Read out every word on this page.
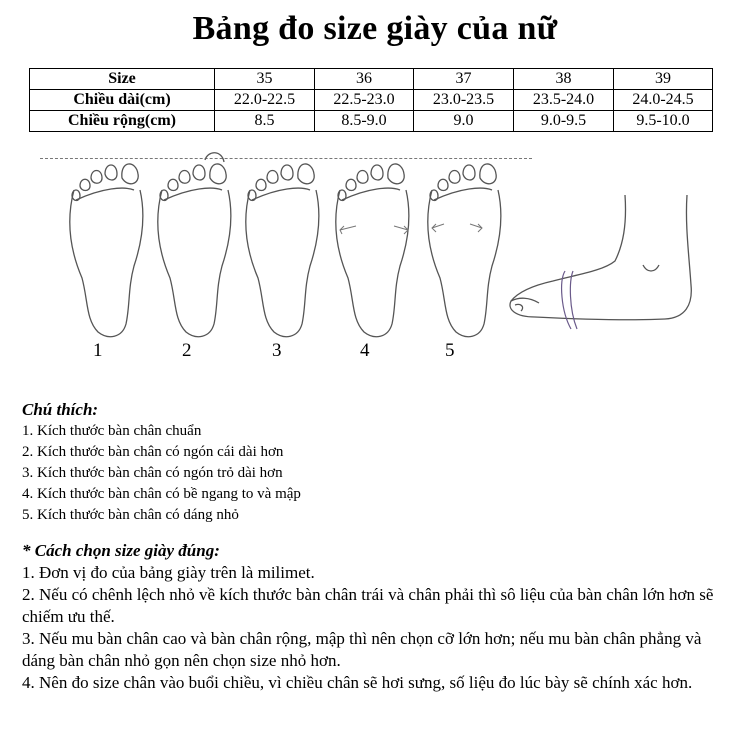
Bảng đo size giày của nữ
Size	35	36	37	38	39
Chiều dài(cm)	22.0-22.5	22.5-23.0	23.0-23.5	23.5-24.0	24.0-24.5
Chiều rộng(cm)	8.5	8.5-9.0	9.0	9.0-9.5	9.5-10.0
1	2	3	4	5
Chú thích:
1. Kích thước bàn chân chuẩn
2. Kích thước bàn chân có ngón cái dài hơn
3. Kích thước bàn chân có ngón trỏ dài hơn
4. Kích thước bàn chân có bề ngang to và mập
5. Kích thước bàn chân có dáng nhỏ
* Cách chọn size giày đúng:
1. Đơn vị đo của bảng giày trên là milimet.
2. Nếu có chênh lệch nhỏ về kích thước bàn chân trái và chân phải thì sô liệu của bàn chân lớn hơn sẽ chiếm ưu thế.
3. Nếu mu bàn chân cao và bàn chân rộng, mập thì nên chọn cỡ lớn hơn; nếu mu bàn chân phẳng và dáng bàn chân nhỏ gọn nên chọn size nhỏ hơn.
4. Nên đo size chân vào buổi chiều, vì chiều chân sẽ hơi sưng, số liệu đo lúc bày sẽ chính xác hơn.
